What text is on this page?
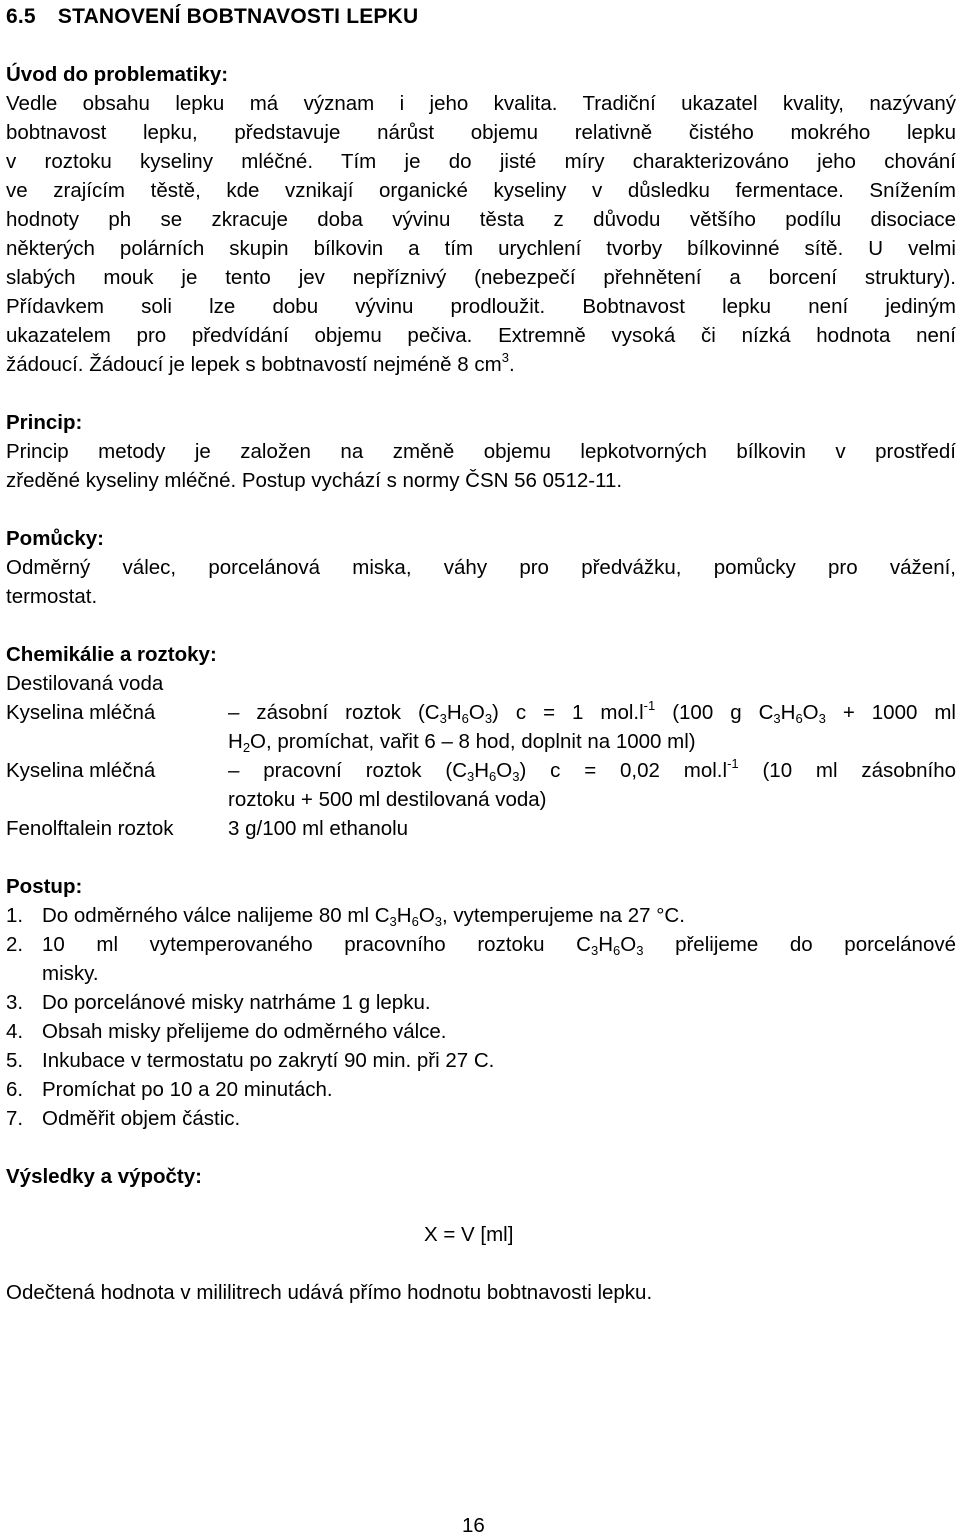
6.5 STANOVENÍ BOBTNAVOSTI LEPKU
Úvod do problematiky:
Vedle obsahu lepku má význam i jeho kvalita. Tradiční ukazatel kvality, nazývaný
bobtnavost lepku, představuje nárůst objemu relativně čistého mokrého lepku
v roztoku kyseliny mléčné. Tím je do jisté míry charakterizováno jeho chování
ve zrajícím těstě, kde vznikají organické kyseliny v důsledku fermentace. Snížením
hodnoty ph se zkracuje doba vývinu těsta z důvodu většího podílu disociace
některých polárních skupin bílkovin a tím urychlení tvorby bílkovinné sítě. U velmi
slabých mouk je tento jev nepříznivý (nebezpečí přehnětení a borcení struktury).
Přídavkem soli lze dobu vývinu prodloužit. Bobtnavost lepku není jediným
ukazatelem pro předvídání objemu pečiva. Extremně vysoká či nízká hodnota není
žádoucí. Žádoucí je lepek s bobtnavostí nejméně 8 $cm^3$.
Princip:
Princip metody je založen na změně objemu lepkotvorných bílkovin v prostředí
zředěné kyseliny mléčné. Postup vychází s normy ČSN 56 0512-11.
Pomůcky:
Odměrný válec, porcelánová miska, váhy pro předvážku, pomůcky pro vážení,
termostat.
Chemikálie a roztoky:
Destilovaná voda
Kyselina mléčná	– zásobní roztok $(C_3H_6O_3) c = 1$ $mol.l^{-1}$ (100 g $C_3H_6O_3 + 1000$ ml
$H_2O$, promíchat, vařit 6 – 8 hod, doplnit na 1000 ml)
Kyselina mléčná	– pracovní roztok $(C_3H_6O_3) c = 0,02$ $mol.l^{-1}$ (10 ml zásobního
roztoku + 500 ml destilovaná voda)
Fenolftalein roztok	3 g/100 ml ethanolu
Postup:
1. Do odměrného válce nalijeme 80 ml $C_3H_6O_3$, vytemperujeme na 27 °C.
2. 10 ml vytemperovaného pracovního roztoku $C_3H_6O_3$ přelijeme do porcelánové
misky.
3. Do porcelánové misky natrháme 1 g lepku.
4. Obsah misky přelijeme do odměrného válce.
5. Inkubace v termostatu po zakrytí 90 min. při 27 C.
6. Promíchat po 10 a 20 minutách.
7. Odměřit objem částic.
Výsledky a výpočty:
X = V [ml]
Odečtená hodnota v mililitrech udává přímo hodnotu bobtnavosti lepku.
16
